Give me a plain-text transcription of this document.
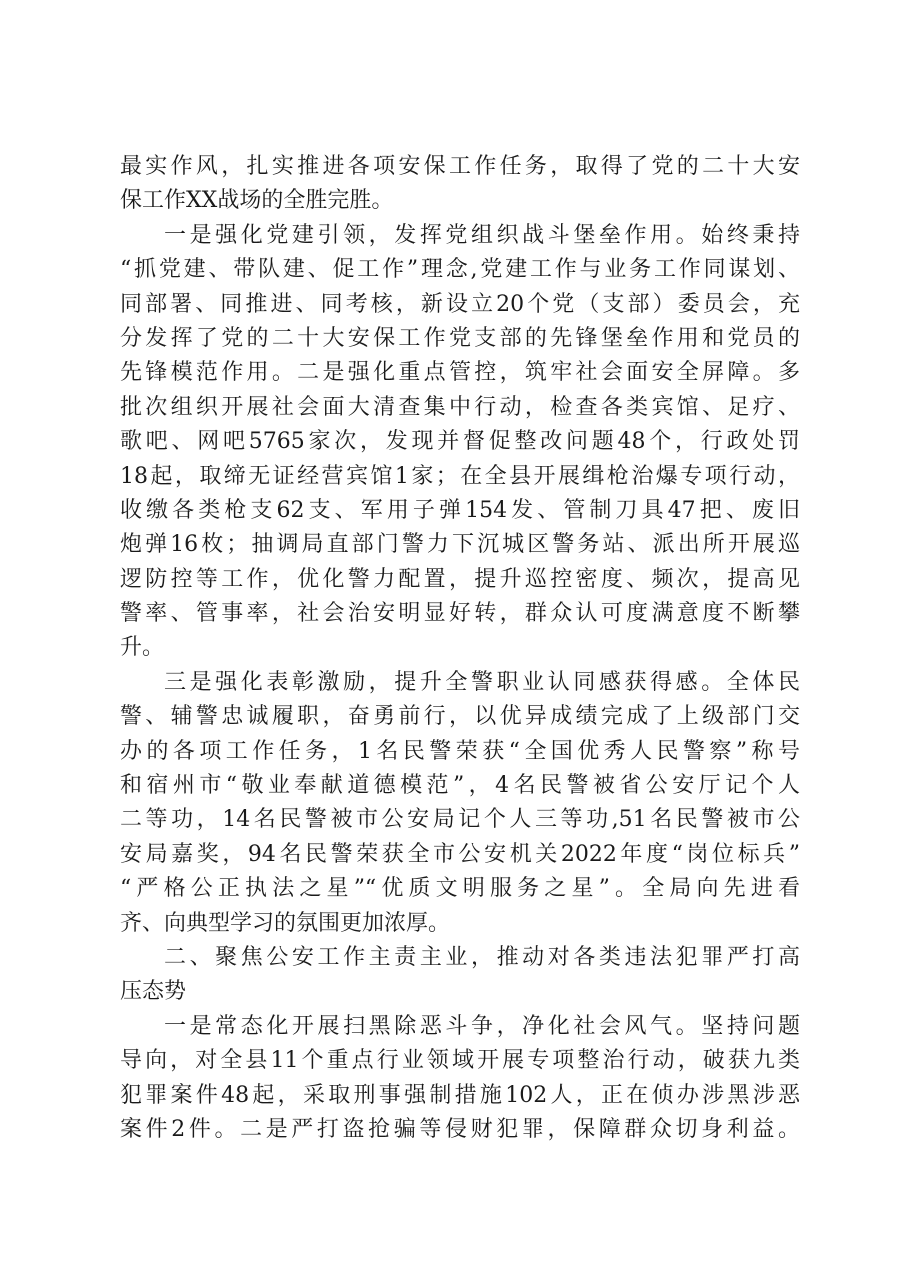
最实作风，扎实推进各项安保工作任务，取得了党的二十大安
保工作XX战场的全胜完胜。
一是强化党建引领，发挥党组织战斗堡垒作用。始终秉持
“抓党建、带队建、促工作”理念,党建工作与业务工作同谋划、
同部署、同推进、同考核，新设立20个党（支部）委员会，充
分发挥了党的二十大安保工作党支部的先锋堡垒作用和党员的
先锋模范作用。二是强化重点管控，筑牢社会面安全屏障。多
批次组织开展社会面大清查集中行动，检查各类宾馆、足疗、
歌吧、网吧5765家次，发现并督促整改问题48个，行政处罚
18起，取缔无证经营宾馆1家；在全县开展缉枪治爆专项行动，
收缴各类枪支62支、军用子弹154发、管制刀具47把、废旧
炮弹16枚；抽调局直部门警力下沉城区警务站、派出所开展巡
逻防控等工作，优化警力配置，提升巡控密度、频次，提高见
警率、管事率，社会治安明显好转，群众认可度满意度不断攀
升。
三是强化表彰激励，提升全警职业认同感获得感。全体民
警、辅警忠诚履职，奋勇前行，以优异成绩完成了上级部门交
办的各项工作任务，1名民警荣获“全国优秀人民警察”称号
和宿州市“敬业奉献道德模范”，4名民警被省公安厅记个人
二等功，14名民警被市公安局记个人三等功,51名民警被市公
安局嘉奖，94名民警荣获全市公安机关2022年度“岗位标兵”
“严格公正执法之星”“优质文明服务之星”。全局向先进看
齐、向典型学习的氛围更加浓厚。
二、聚焦公安工作主责主业，推动对各类违法犯罪严打高
压态势
一是常态化开展扫黑除恶斗争，净化社会风气。坚持问题
导向，对全县11个重点行业领域开展专项整治行动，破获九类
犯罪案件48起，采取刑事强制措施102人，正在侦办涉黑涉恶
案件2件。二是严打盗抢骗等侵财犯罪，保障群众切身利益。
